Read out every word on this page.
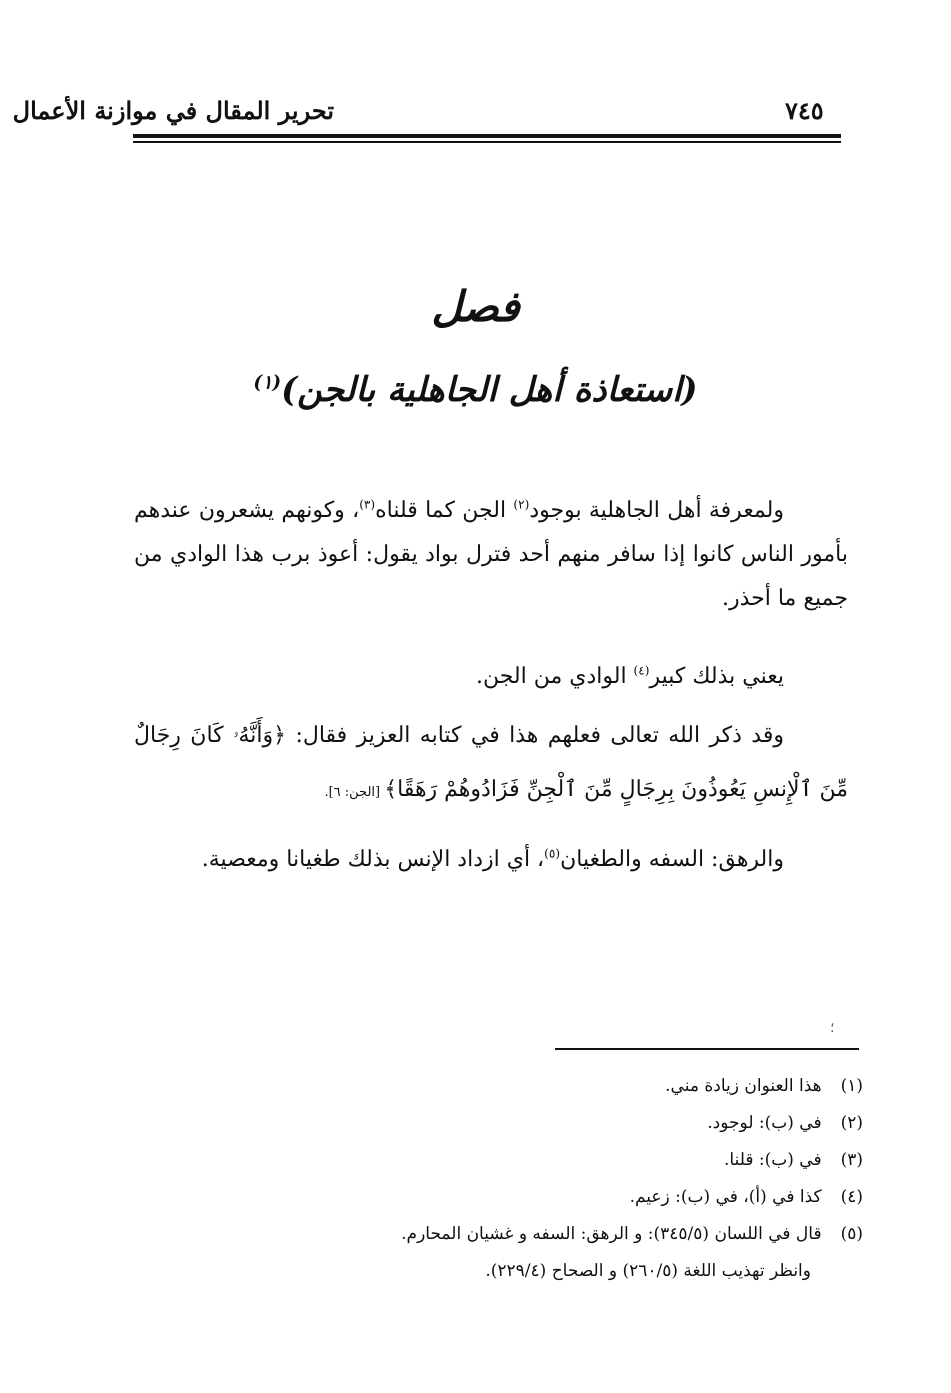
تحرير المقال في موازنة الأعمال	٧٤٥
فصل
(استعاذة أهل الجاهلية بالجن)$^{(١)}$
ولمعرفة أهل الجاهلية بوجود$^{(٢)}$ الجن كما قلناه$^{(٣)}$، وكونهم يشعرون عندهم بأمور الناس كانوا إذا سافر منهم أحد فترل بواد يقول: أعوذ برب هذا الوادي من جميع ما أحذر.
يعني بذلك كبير$^{(٤)}$ الوادي من الجن.
وقد ذكر الله تعالى فعلهم هذا في كتابه العزيز فقال: ﴿وَأَنَّهُۥ كَانَ رِجَالٌ مِّنَ ٱلْإِنسِ يَعُوذُونَ بِرِجَالٍ مِّنَ ٱلْجِنِّ فَزَادُوهُمْ رَهَقًا﴾ [الجن: ٦].
والرهق: السفه والطغيان$^{(٥)}$، أي ازداد الإنس بذلك طغيانا ومعصية.
؛
(١) هذا العنوان زيادة مني.
(٢) في (ب): لوجود.
(٣) في (ب): قلنا.
(٤) كذا في (أ)، في (ب): زعيم.
(٥) قال في اللسان (٣٤٥/٥): و الرهق: السفه و غشيان المحارم.
وانظر تهذيب اللغة (٢٦٠/٥) و الصحاح (٢٢٩/٤).
